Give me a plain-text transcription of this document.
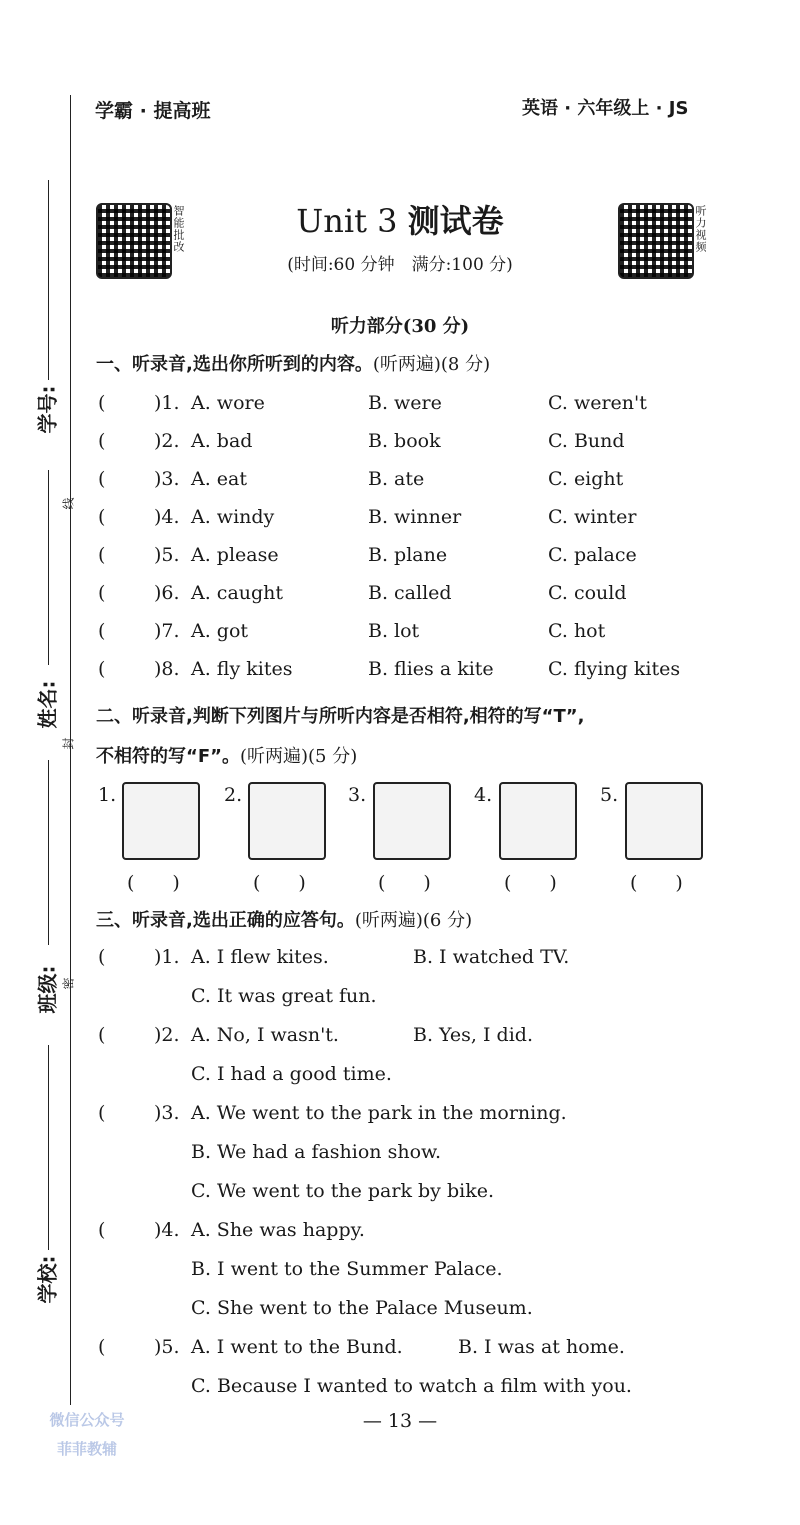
学霸 · 提高班	英语 · 六年级上 · JS
学号:
姓名:
班级:
学校:
线
封
密
智能批改	听力视频
Unit 3 测试卷
(时间:60 分钟　满分:100 分)
听力部分(30 分)
一、听录音,选出你所听到的内容。(听两遍)(8 分)
(	)1. A. wore	B. were	C. weren't
(	)2. A. bad	B. book	C. Bund
(	)3. A. eat	B. ate	C. eight
(	)4. A. windy	B. winner	C. winter
(	)5. A. please	B. plane	C. palace
(	)6. A. caught	B. called	C. could
(	)7. A. got	B. lot	C. hot
(	)8. A. fly kites	B. flies a kite	C. flying kites
二、听录音,判断下列图片与所听内容是否相符,相符的写“T”,
不相符的写“F”。(听两遍)(5 分)
1.
(　　)
2.
(　　)
3.
(　　)
4.
(　　)
5.
(　　)
三、听录音,选出正确的应答句。(听两遍)(6 分)
(	)1. A. I flew kites.	B. I watched TV.
C. It was great fun.
(	)2. A. No, I wasn't.	B. Yes, I did.
C. I had a good time.
(	)3. A. We went to the park in the morning.
B. We had a fashion show.
C. We went to the park by bike.
(	)4. A. She was happy.
B. I went to the Summer Palace.
C. She went to the Palace Museum.
(	)5. A. I went to the Bund.	B. I was at home.
C. Because I wanted to watch a film with you.
— 13 —
微信公众号
菲菲教辅
